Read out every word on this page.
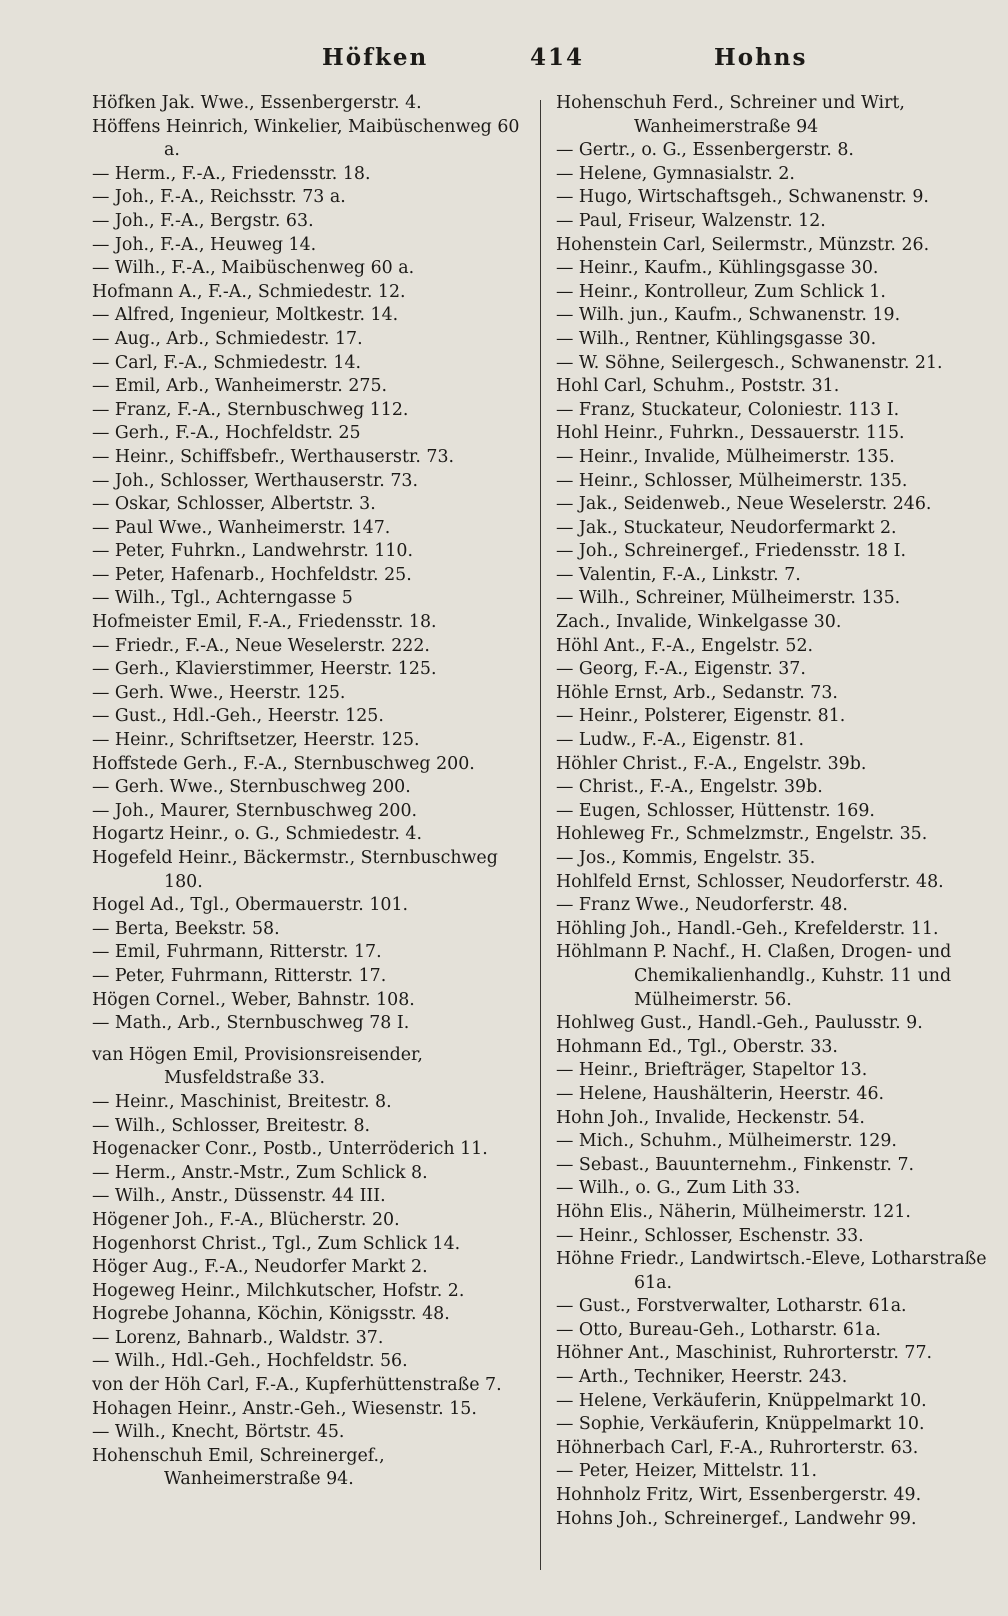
Höfken	414	Hohns

Höfken Jak. Wwe., Essenbergerstr. 4.

Höffens Heinrich, Winkelier, Maibüschenweg 60 a.

— Herm., F.-A., Friedensstr. 18.

— Joh., F.-A., Reichsstr. 73 a.

— Joh., F.-A., Bergstr. 63.

— Joh., F.-A., Heuweg 14.

— Wilh., F.-A., Maibüschenweg 60 a.

Hofmann A., F.-A., Schmiedestr. 12.

— Alfred, Ingenieur, Moltkestr. 14.

— Aug., Arb., Schmiedestr. 17.

— Carl, F.-A., Schmiedestr. 14.

— Emil, Arb., Wanheimerstr. 275.

— Franz, F.-A., Sternbuschweg 112.

— Gerh., F.-A., Hochfeldstr. 25

— Heinr., Schiffsbefr., Werthauserstr. 73.

— Joh., Schlosser, Werthauserstr. 73.

— Oskar, Schlosser, Albertstr. 3.

— Paul Wwe., Wanheimerstr. 147.

— Peter, Fuhrkn., Landwehrstr. 110.

— Peter, Hafenarb., Hochfeldstr. 25.

— Wilh., Tgl., Achterngasse 5

Hofmeister Emil, F.-A., Friedensstr. 18.

— Friedr., F.-A., Neue Weselerstr. 222.

— Gerh., Klavierstimmer, Heerstr. 125.

— Gerh. Wwe., Heerstr. 125.

— Gust., Hdl.-Geh., Heerstr. 125.

— Heinr., Schriftsetzer, Heerstr. 125.

Hoffstede Gerh., F.-A., Sternbuschweg 200.

— Gerh. Wwe., Sternbuschweg 200.

— Joh., Maurer, Sternbuschweg 200.

Hogartz Heinr., o. G., Schmiedestr. 4.

Hogefeld Heinr., Bäckermstr., Sternbuschweg 180.

Hogel Ad., Tgl., Obermauerstr. 101.

— Berta, Beekstr. 58.

— Emil, Fuhrmann, Ritterstr. 17.

— Peter, Fuhrmann, Ritterstr. 17.

Högen Cornel., Weber, Bahnstr. 108.

— Math., Arb., Sternbuschweg 78 I.

van Högen Emil, Provisionsreisender, Musfeldstraße 33.

— Heinr., Maschinist, Breitestr. 8.

— Wilh., Schlosser, Breitestr. 8.

Hogenacker Conr., Postb., Unterröderich 11.

— Herm., Anstr.-Mstr., Zum Schlick 8.

— Wilh., Anstr., Düssenstr. 44 III.

Högener Joh., F.-A., Blücherstr. 20.

Hogenhorst Christ., Tgl., Zum Schlick 14.

Höger Aug., F.-A., Neudorfer Markt 2.

Hogeweg Heinr., Milchkutscher, Hofstr. 2.

Hogrebe Johanna, Köchin, Königsstr. 48.

— Lorenz, Bahnarb., Waldstr. 37.

— Wilh., Hdl.-Geh., Hochfeldstr. 56.

von der Höh Carl, F.-A., Kupferhüttenstraße 7.

Hohagen Heinr., Anstr.-Geh., Wiesenstr. 15.

— Wilh., Knecht, Börtstr. 45.

Hohenschuh Emil, Schreinergef., Wanheimerstraße 94.

Hohenschuh Ferd., Schreiner und Wirt, Wanheimerstraße 94

— Gertr., o. G., Essenbergerstr. 8.

— Helene, Gymnasialstr. 2.

— Hugo, Wirtschaftsgeh., Schwanenstr. 9.

— Paul, Friseur, Walzenstr. 12.

Hohenstein Carl, Seilermstr., Münzstr. 26.

— Heinr., Kaufm., Kühlingsgasse 30.

— Heinr., Kontrolleur, Zum Schlick 1.

— Wilh. jun., Kaufm., Schwanenstr. 19.

— Wilh., Rentner, Kühlingsgasse 30.

— W. Söhne, Seilergesch., Schwanenstr. 21.

Hohl Carl, Schuhm., Poststr. 31.

— Franz, Stuckateur, Coloniestr. 113 I.

Hohl Heinr., Fuhrkn., Dessauerstr. 115.

— Heinr., Invalide, Mülheimerstr. 135.

— Heinr., Schlosser, Mülheimerstr. 135.

— Jak., Seidenweb., Neue Weselerstr. 246.

— Jak., Stuckateur, Neudorfermarkt 2.

— Joh., Schreinergef., Friedensstr. 18 I.

— Valentin, F.-A., Linkstr. 7.

— Wilh., Schreiner, Mülheimerstr. 135.

Zach., Invalide, Winkelgasse 30.

Höhl Ant., F.-A., Engelstr. 52.

— Georg, F.-A., Eigenstr. 37.

Höhle Ernst, Arb., Sedanstr. 73.

— Heinr., Polsterer, Eigenstr. 81.

— Ludw., F.-A., Eigenstr. 81.

Höhler Christ., F.-A., Engelstr. 39b.

— Christ., F.-A., Engelstr. 39b.

— Eugen, Schlosser, Hüttenstr. 169.

Hohleweg Fr., Schmelzmstr., Engelstr. 35.

— Jos., Kommis, Engelstr. 35.

Hohlfeld Ernst, Schlosser, Neudorferstr. 48.

— Franz Wwe., Neudorferstr. 48.

Höhling Joh., Handl.-Geh., Krefelderstr. 11.

Höhlmann P. Nachf., H. Claßen, Drogen- und Chemikalienhandlg., Kuhstr. 11 und Mülheimerstr. 56.

Hohlweg Gust., Handl.-Geh., Paulusstr. 9.

Hohmann Ed., Tgl., Oberstr. 33.

— Heinr., Briefträger, Stapeltor 13.

— Helene, Haushälterin, Heerstr. 46.

Hohn Joh., Invalide, Heckenstr. 54.

— Mich., Schuhm., Mülheimerstr. 129.

— Sebast., Bauunternehm., Finkenstr. 7.

— Wilh., o. G., Zum Lith 33.

Höhn Elis., Näherin, Mülheimerstr. 121.

— Heinr., Schlosser, Eschenstr. 33.

Höhne Friedr., Landwirtsch.-Eleve, Lotharstraße 61a.

— Gust., Forstverwalter, Lotharstr. 61a.

— Otto, Bureau-Geh., Lotharstr. 61a.

Höhner Ant., Maschinist, Ruhrorterstr. 77.

— Arth., Techniker, Heerstr. 243.

— Helene, Verkäuferin, Knüppelmarkt 10.

— Sophie, Verkäuferin, Knüppelmarkt 10.

Höhnerbach Carl, F.-A., Ruhrorterstr. 63.

— Peter, Heizer, Mittelstr. 11.

Hohnholz Fritz, Wirt, Essenbergerstr. 49.

Hohns Joh., Schreinergef., Landwehr 99.
